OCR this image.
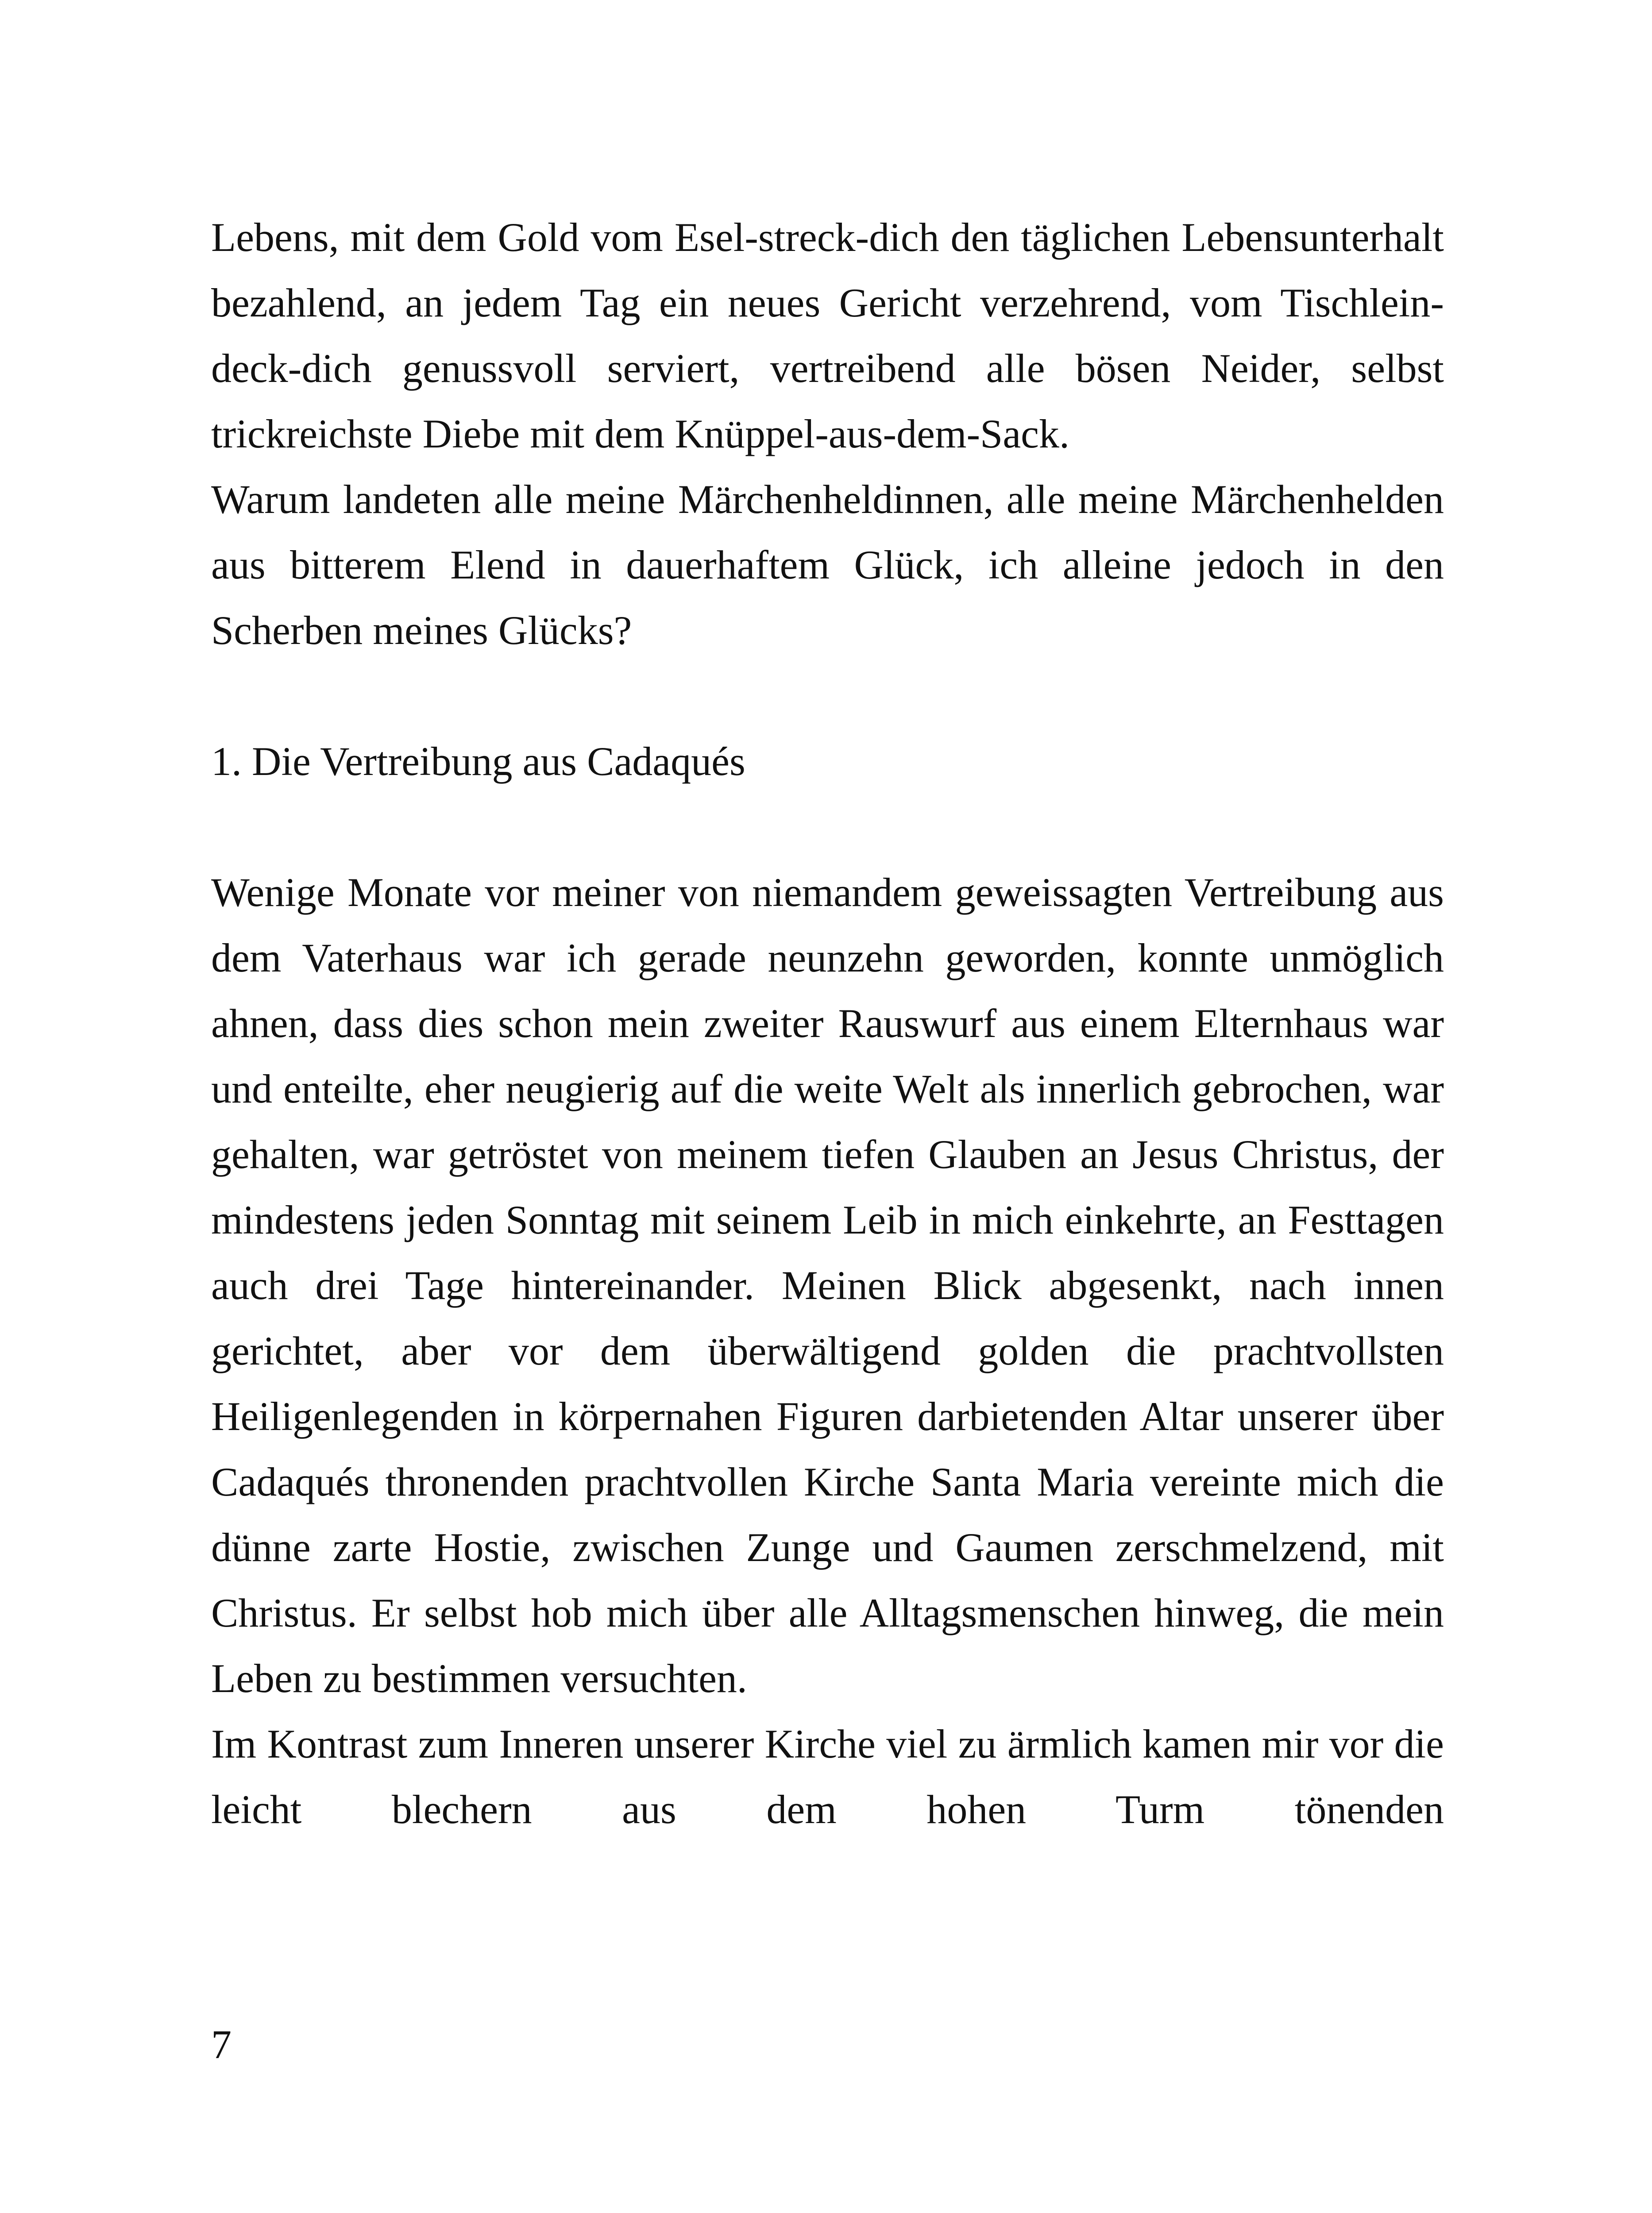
Lebens, mit dem Gold vom Esel-streck-dich den täglichen Lebensunterhalt bezahlend, an jedem Tag ein neues Gericht verzehrend, vom Tischlein-deck-dich genussvoll serviert, vertreibend alle bösen Neider, selbst trickreichste Diebe mit dem Knüppel-aus-dem-Sack.

Warum landeten alle meine Märchenheldinnen, alle meine Märchenhelden aus bitterem Elend in dauerhaftem Glück, ich alleine jedoch in den Scherben meines Glücks?

1. Die Vertreibung aus Cadaqués

Wenige Monate vor meiner von niemandem geweissagten Vertreibung aus dem Vaterhaus war ich gerade neunzehn geworden, konnte unmöglich ahnen, dass dies schon mein zweiter Rauswurf aus einem Elternhaus war und enteilte, eher neugierig auf die weite Welt als innerlich gebrochen, war gehalten, war getröstet von meinem tiefen Glauben an Jesus Christus, der mindestens jeden Sonntag mit seinem Leib in mich einkehrte, an Festtagen auch drei Tage hintereinander. Meinen Blick abgesenkt, nach innen gerichtet, aber vor dem überwältigend golden die prachtvollsten Heiligenlegenden in körpernahen Figuren darbietenden Altar unserer über Cadaqués thronenden prachtvollen Kirche Santa Maria vereinte mich die dünne zarte Hostie, zwischen Zunge und Gaumen zerschmelzend, mit Christus. Er selbst hob mich über alle Alltagsmenschen hinweg, die mein Leben zu bestimmen versuchten.

Im Kontrast zum Inneren unserer Kirche viel zu ärmlich kamen mir vor die leicht blechern aus dem hohen Turm tönenden

7
